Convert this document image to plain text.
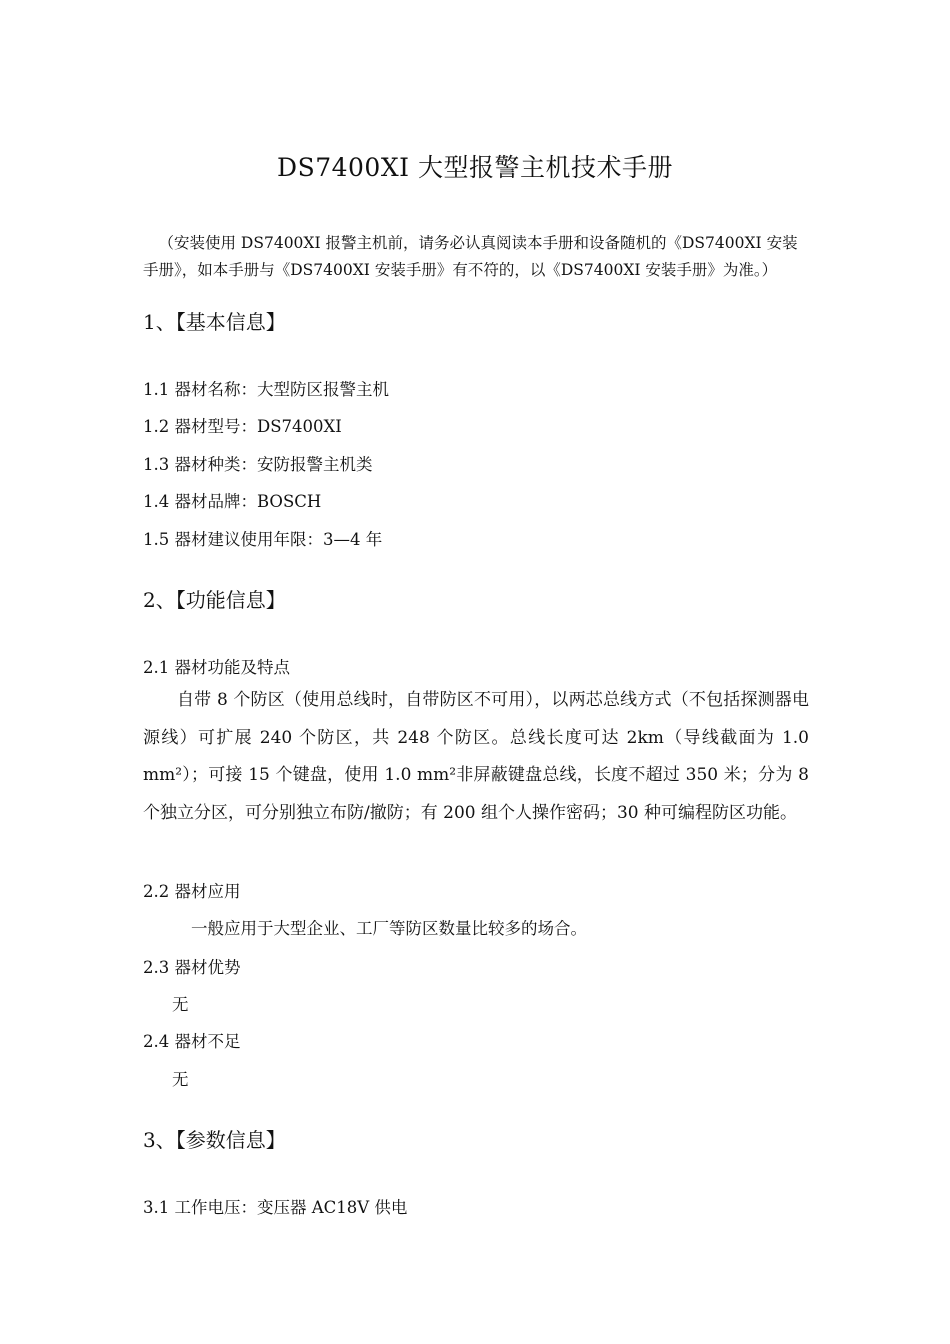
DS7400XI 大型报警主机技术手册
（安装使用 DS7400XI 报警主机前，请务必认真阅读本手册和设备随机的《DS7400XI 安装手册》，如本手册与《DS7400XI 安装手册》有不符的，以《DS7400XI 安装手册》为准。）
1、【基本信息】
1.1 器材名称：大型防区报警主机
1.2 器材型号：DS7400XI
1.3 器材种类：安防报警主机类
1.4 器材品牌：BOSCH
1.5 器材建议使用年限：3—4 年
2、【功能信息】
2.1 器材功能及特点
自带 8 个防区（使用总线时，自带防区不可用），以两芯总线方式（不包括探测器电源线）可扩展 240 个防区，共 248 个防区。总线长度可达 2km（导线截面为 1.0 mm²）；可接 15 个键盘，使用 1.0 mm²非屏蔽键盘总线，长度不超过 350 米；分为 8 个独立分区，可分别独立布防/撤防；有 200 组个人操作密码；30 种可编程防区功能。
2.2 器材应用
一般应用于大型企业、工厂等防区数量比较多的场合。
2.3 器材优势
无
2.4 器材不足
无
3、【参数信息】
3.1 工作电压：变压器 AC18V 供电
